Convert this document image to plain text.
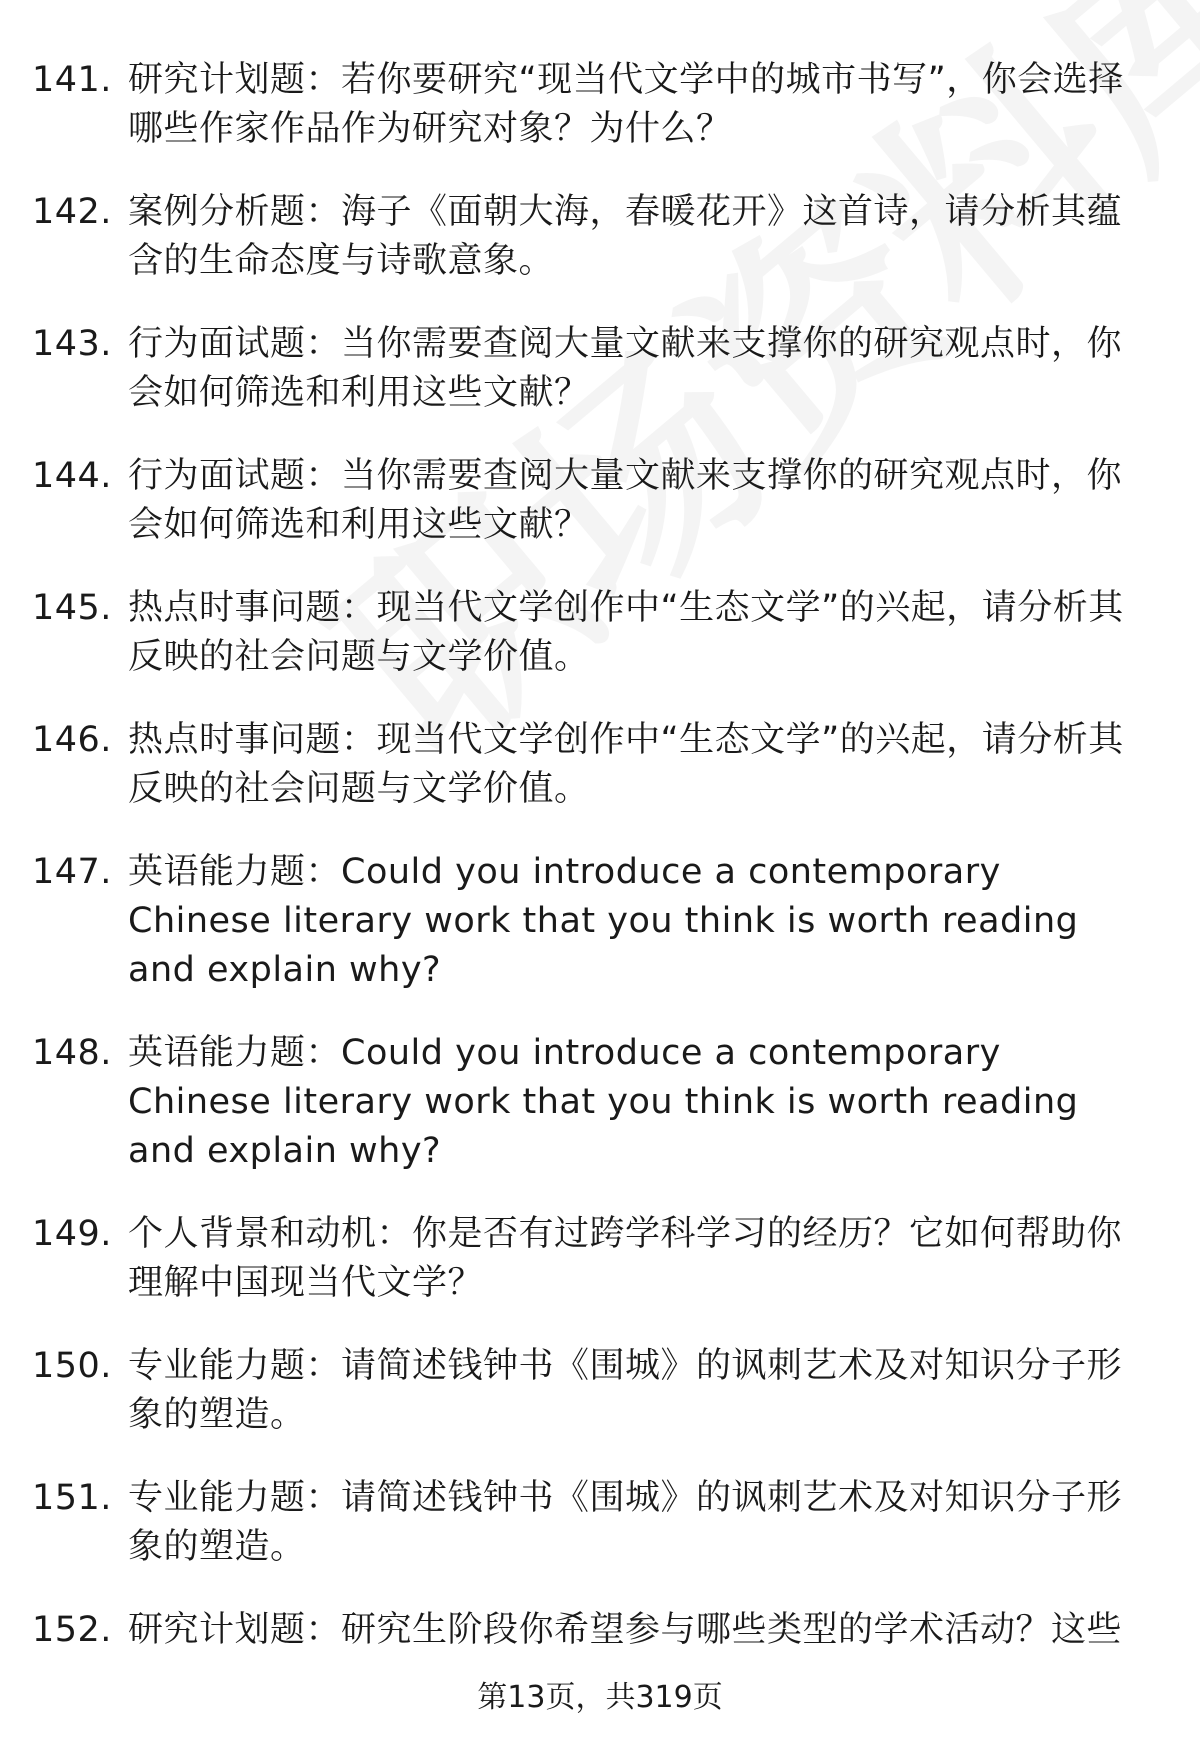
141. 研究计划题：若你要研究“现当代文学中的城市书写”，你会选择哪些作家作品作为研究对象？为什么？
142. 案例分析题：海子《面朝大海，春暖花开》这首诗，请分析其蕴含的生命态度与诗歌意象。
143. 行为面试题：当你需要查阅大量文献来支撑你的研究观点时，你会如何筛选和利用这些文献？
144. 行为面试题：当你需要查阅大量文献来支撑你的研究观点时，你会如何筛选和利用这些文献？
145. 热点时事问题：现当代文学创作中“生态文学”的兴起，请分析其反映的社会问题与文学价值。
146. 热点时事问题：现当代文学创作中“生态文学”的兴起，请分析其反映的社会问题与文学价值。
147. 英语能力题：Could you introduce a contemporary Chinese literary work that you think is worth reading and explain why?
148. 英语能力题：Could you introduce a contemporary Chinese literary work that you think is worth reading and explain why?
149. 个人背景和动机：你是否有过跨学科学习的经历？它如何帮助你理解中国现当代文学？
150. 专业能力题：请简述钱钟书《围城》的讽刺艺术及对知识分子形象的塑造。
151. 专业能力题：请简述钱钟书《围城》的讽刺艺术及对知识分子形象的塑造。
152. 研究计划题：研究生阶段你希望参与哪些类型的学术活动？这些
第13页，共319页
